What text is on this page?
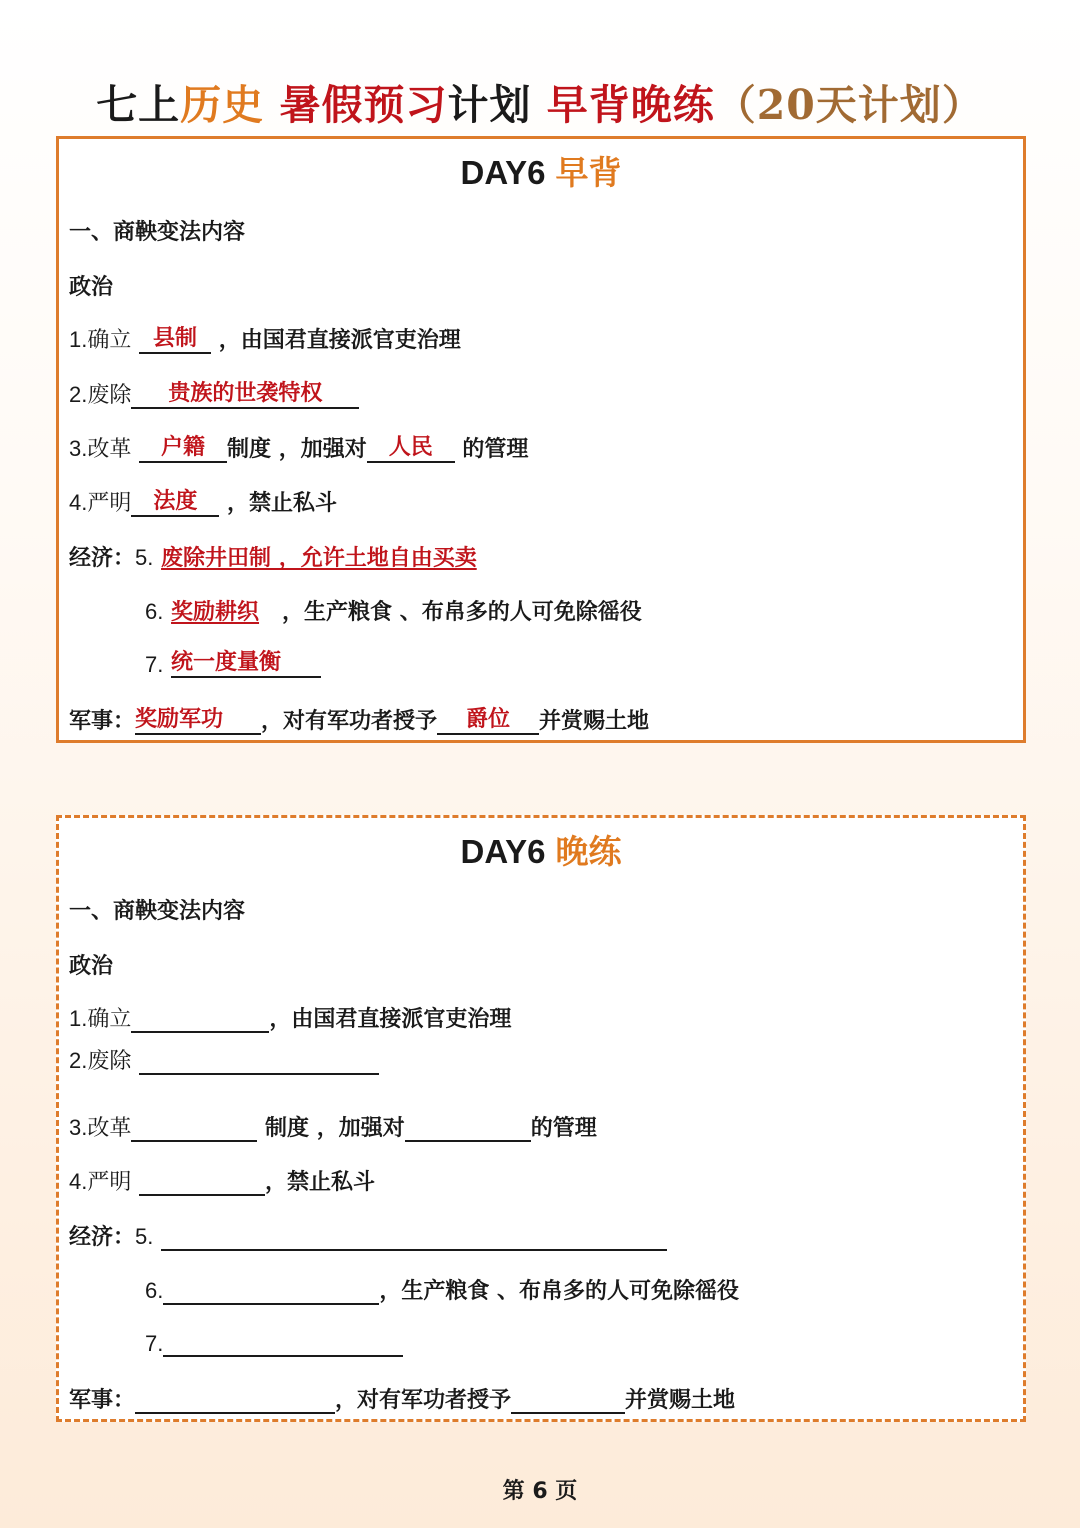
七上历史 暑假预习计划 早背晚练（20天计划）
DAY6 早背
一、商鞅变法内容
政治
1.确立 县制 ，由国君直接派官吏治理
2.废除 贵族的世袭特权
3.改革 户籍 制度 ，加强对 人民 的管理
4.严明 法度 ，禁止私斗
经济：5. 废除井田制 ，允许土地自由买卖
6. 奖励耕织 ，生产粮食 、布帛多的人可免除徭役
7. 统一度量衡
军事：奖励军功 ，对有军功者授予 爵位 并赏赐土地
DAY6 晚练
一、商鞅变法内容
政治
1.确立	，由国君直接派官吏治理
2.废除
3.改革	制度 ，加强对	的管理
4.严明	，禁止私斗
经济：5.
6.	，生产粮食 、布帛多的人可免除徭役
7.
军事：	，对有军功者授予	并赏赐土地
第 6 页
